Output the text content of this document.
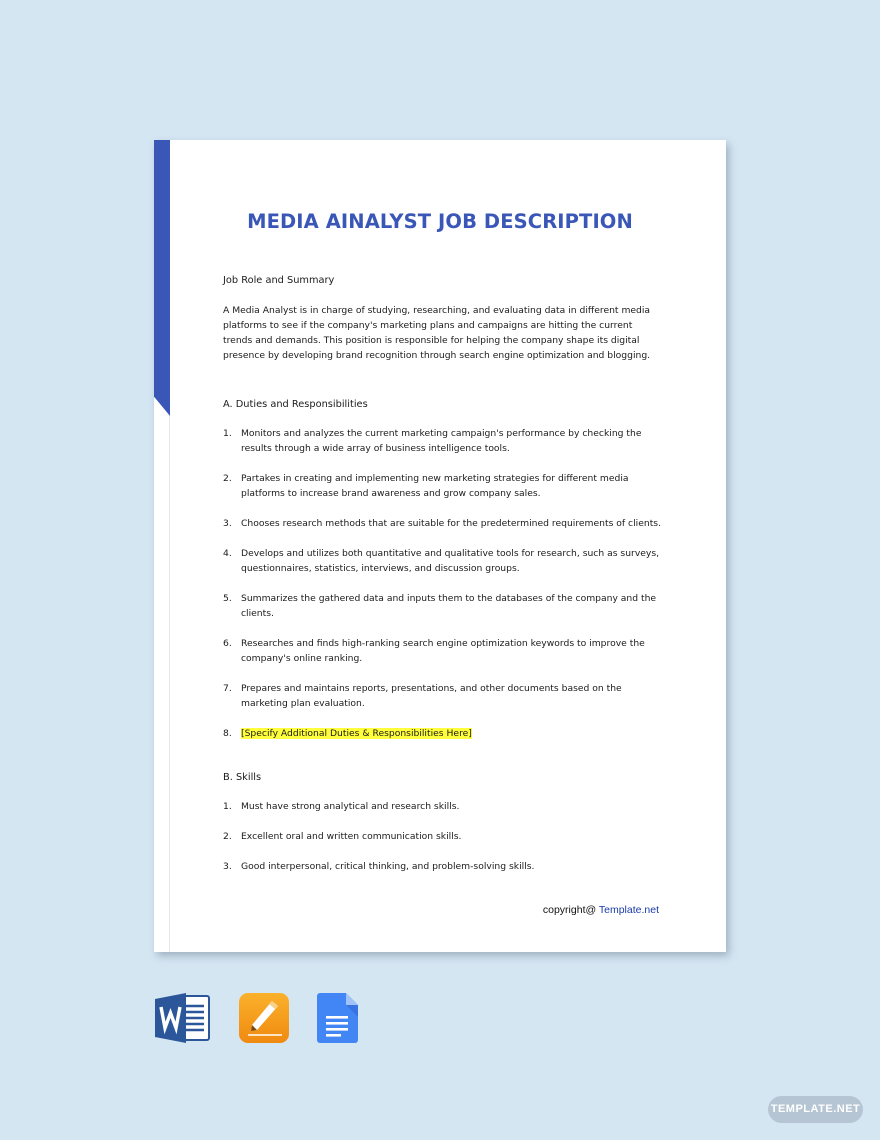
MEDIA AINALYST JOB DESCRIPTION

Job Role and Summary

A Media Analyst is in charge of studying, researching, and evaluating data in different media platforms to see if the company's marketing plans and campaigns are hitting the current trends and demands. This position is responsible for helping the company shape its digital presence by developing brand recognition through search engine optimization and blogging.

A. Duties and Responsibilities
1. Monitors and analyzes the current marketing campaign's performance by checking the results through a wide array of business intelligence tools.
2. Partakes in creating and implementing new marketing strategies for different media platforms to increase brand awareness and grow company sales.
3. Chooses research methods that are suitable for the predetermined requirements of clients.
4. Develops and utilizes both quantitative and qualitative tools for research, such as surveys, questionnaires, statistics, interviews, and discussion groups.
5. Summarizes the gathered data and inputs them to the databases of the company and the clients.
6. Researches and finds high-ranking search engine optimization keywords to improve the company's online ranking.
7. Prepares and maintains reports, presentations, and other documents based on the marketing plan evaluation.
8. [Specify Additional Duties & Responsibilities Here]
B. Skills
1. Must have strong analytical and research skills.
2. Excellent oral and written communication skills.
3. Good interpersonal, critical thinking, and problem-solving skills.
copyright@ Template.net
TEMPLATE.NET
